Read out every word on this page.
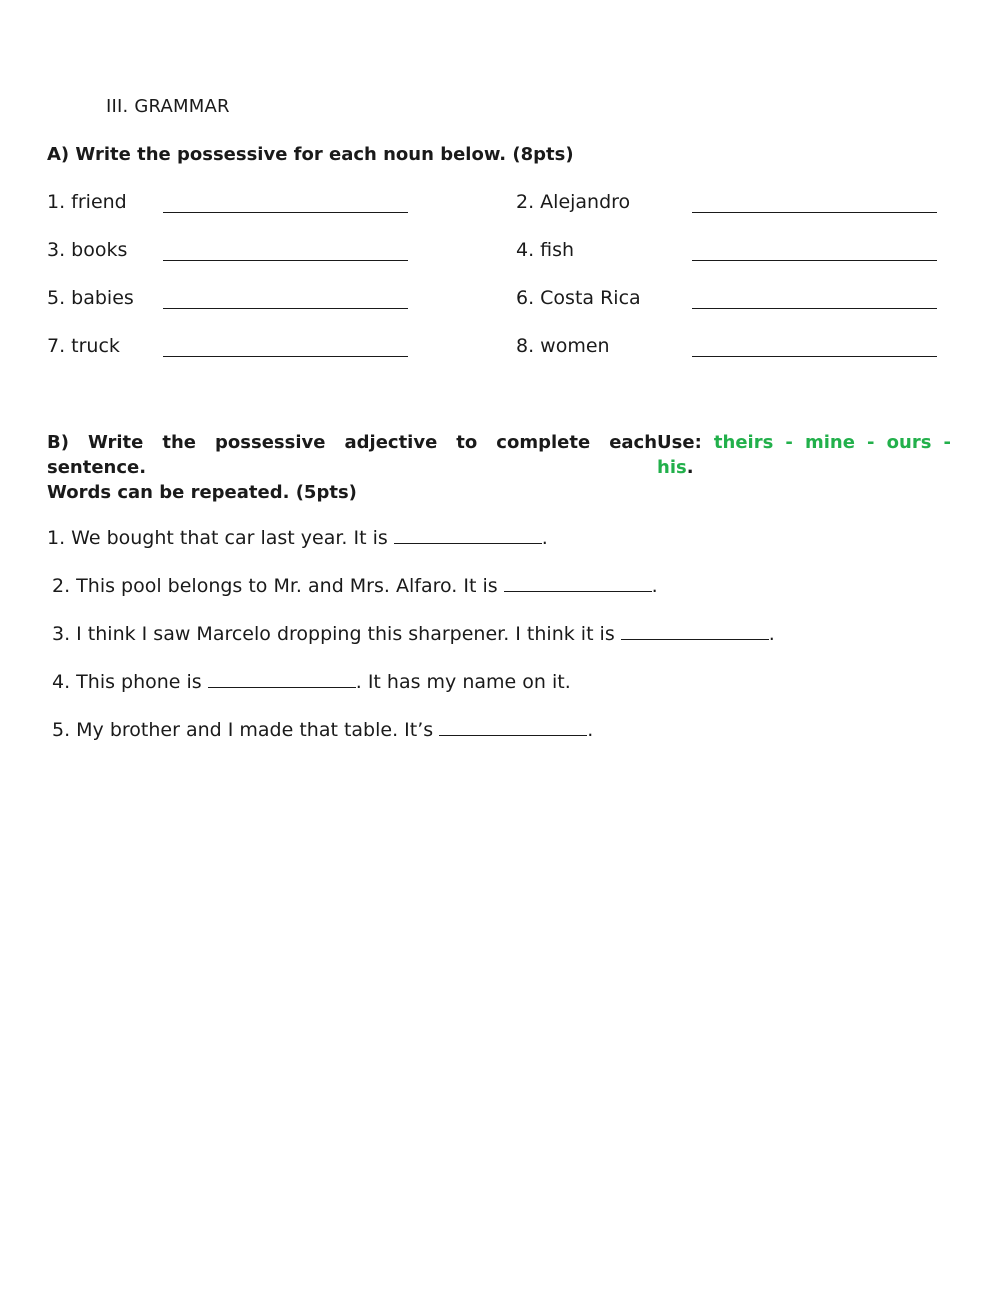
III. GRAMMAR
A) Write the possessive for each noun below. (8pts)
1. friend	2. Alejandro
3. books	4. fish
5. babies	6. Costa Rica
7. truck	8. women
B) Write the possessive adjective to complete each sentence.
Use: theirs - mine - ours - his.
Words can be repeated. (5pts)
1. We bought that car last year. It is	.
2. This pool belongs to Mr. and Mrs. Alfaro. It is	.
3. I think I saw Marcelo dropping this sharpener. I think it is	.
4. This phone is	. It has my name on it.
5. My brother and I made that table. It’s	.
